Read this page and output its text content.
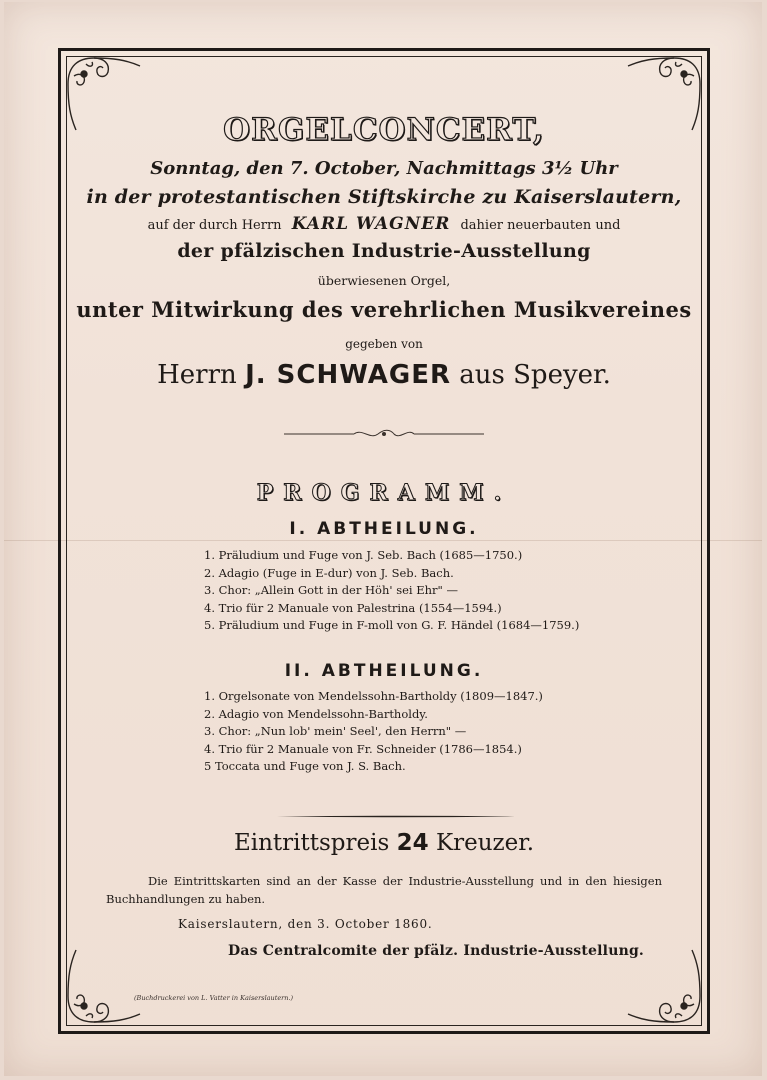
ORGELCONCERT,
Sonntag, den 7. October, Nachmittags 3½ Uhr
in der protestantischen Stiftskirche zu Kaiserslautern,
auf der durch Herrn KARL WAGNER dahier neuerbauten und
der pfälzischen Industrie-Ausstellung
überwiesenen Orgel,
unter Mitwirkung des verehrlichen Musikvereines
gegeben von
Herrn J. SCHWAGER aus Speyer.
PROGRAMM.
I. ABTHEILUNG.
1. Präludium und Fuge von J. Seb. Bach (1685—1750.)
2. Adagio (Fuge in E-dur) von J. Seb. Bach.
3. Chor: „Allein Gott in der Höh' sei Ehr" —
4. Trio für 2 Manuale von Palestrina (1554—1594.)
5. Präludium und Fuge in F-moll von G. F. Händel (1684—1759.)
II. ABTHEILUNG.
1. Orgelsonate von Mendelssohn-Bartholdy (1809—1847.)
2. Adagio von Mendelssohn-Bartholdy.
3. Chor: „Nun lob' mein' Seel', den Herrn" —
4. Trio für 2 Manuale von Fr. Schneider (1786—1854.)
5 Toccata und Fuge von J. S. Bach.
Eintrittspreis 24 Kreuzer.
Die Eintrittskarten sind an der Kasse der Industrie-Ausstellung und in den hiesigen Buchhandlungen zu haben.
Kaiserslautern, den 3. October 1860.
Das Centralcomite der pfälz. Industrie-Ausstellung.
(Buchdruckerei von L. Vatter in Kaiserslautern.)
